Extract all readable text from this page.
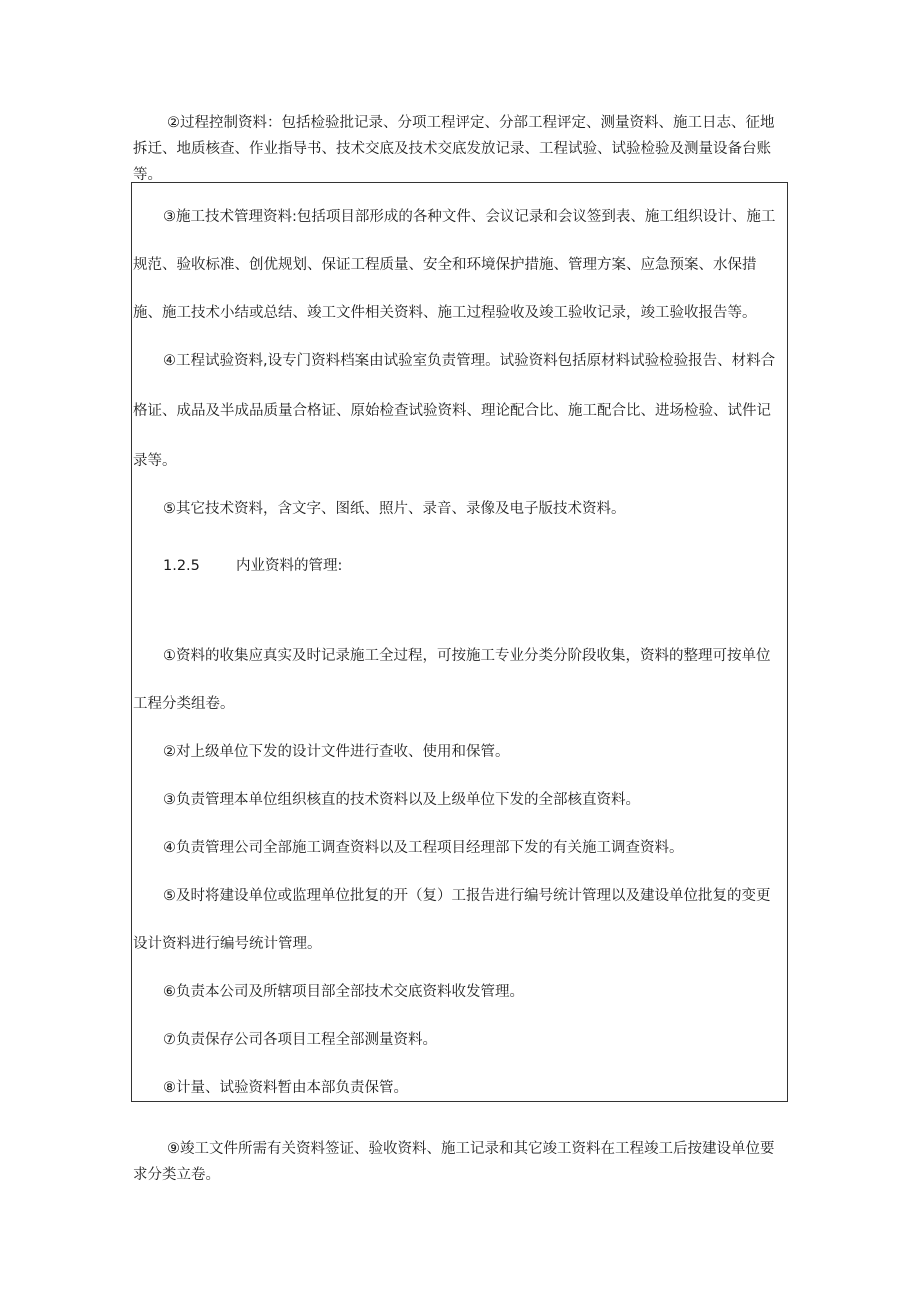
②过程控制资料：包括检验批记录、分项工程评定、分部工程评定、测量资料、施工日志、征地
拆迁、地质核查、作业指导书、技术交底及技术交底发放记录、工程试验、试验检验及测量设备台账
等。
③施工技术管理资料:包括项目部形成的各种文件、会议记录和会议签到表、施工组织设计、施工
规范、验收标准、创优规划、保证工程质量、安全和环境保护措施、管理方案、应急预案、水保措
施、施工技术小结或总结、竣工文件相关资料、施工过程验收及竣工验收记录，竣工验收报告等。
④工程试验资料,设专门资料档案由试验室负责管理。试验资料包括原材料试验检验报告、材料合
格证、成品及半成品质量合格证、原始检查试验资料、理论配合比、施工配合比、进场检验、试件记
录等。
⑤其它技术资料，含文字、图纸、照片、录音、录像及电子版技术资料。
1.2.5 内业资料的管理:
①资料的收集应真实及时记录施工全过程，可按施工专业分类分阶段收集，资料的整理可按单位
工程分类组卷。
②对上级单位下发的设计文件进行查收、使用和保管。
③负责管理本单位组织核直的技术资料以及上级单位下发的全部核直资料。
④负责管理公司全部施工调查资料以及工程项目经理部下发的有关施工调查资料。
⑤及时将建设单位或监理单位批复的开（复）工报告进行编号统计管理以及建设单位批复的变更
设计资料进行编号统计管理。
⑥负责本公司及所辖项目部全部技术交底资料收发管理。
⑦负责保存公司各项目工程全部测量资料。
⑧计量、试验资料暂由本部负责保管。
⑨竣工文件所需有关资料签证、验收资料、施工记录和其它竣工资料在工程竣工后按建设单位要
求分类立卷。
